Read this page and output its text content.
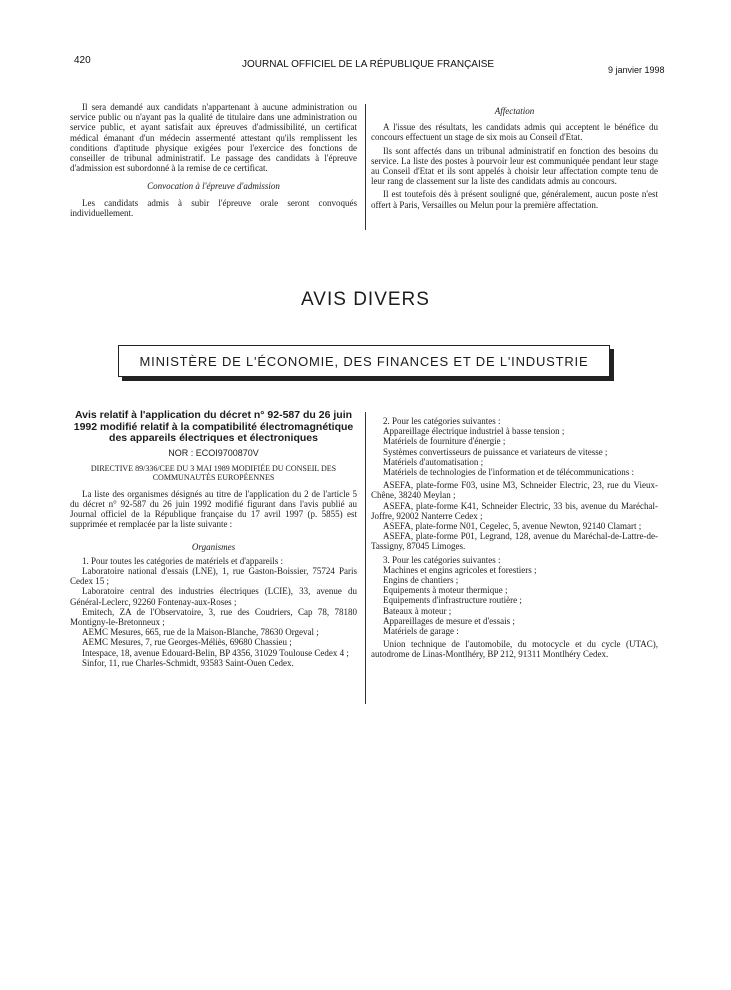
420	JOURNAL OFFICIEL DE LA RÉPUBLIQUE FRANÇAISE	9 janvier 1998

Il sera demandé aux candidats n'appartenant à aucune administration ou service public ou n'ayant pas la qualité de titulaire dans une administration ou service public, et ayant satisfait aux épreuves d'admissibilité, un certificat médical émanant d'un médecin assermenté attestant qu'ils remplissent les conditions d'aptitude physique exigées pour l'exercice des fonctions de conseiller de tribunal administratif. Le passage des candidats à l'épreuve d'admission est subordonné à la remise de ce certificat.

Convocation à l'épreuve d'admission

Les candidats admis à subir l'épreuve orale seront convoqués individuellement.

Affectation

A l'issue des résultats, les candidats admis qui acceptent le bénéfice du concours effectuent un stage de six mois au Conseil d'Etat.

Ils sont affectés dans un tribunal administratif en fonction des besoins du service. La liste des postes à pourvoir leur est communiquée pendant leur stage au Conseil d'Etat et ils sont appelés à choisir leur affectation compte tenu de leur rang de classement sur la liste des candidats admis au concours.

Il est toutefois dès à présent souligné que, généralement, aucun poste n'est offert à Paris, Versailles ou Melun pour la première affectation.

AVIS DIVERS
MINISTÈRE DE L'ÉCONOMIE, DES FINANCES ET DE L'INDUSTRIE

Avis relatif à l'application du décret n° 92-587 du 26 juin 1992 modifié relatif à la compatibilité électromagnétique des appareils électriques et électroniques

NOR : ECOI9700870V

DIRECTIVE 89/336/CEE DU 3 MAI 1989 MODIFIÉE DU CONSEIL DES COMMUNAUTÉS EUROPÉENNES

La liste des organismes désignés au titre de l'application du 2 de l'article 5 du décret n° 92-587 du 26 juin 1992 modifié figurant dans l'avis publié au Journal officiel de la République française du 17 avril 1997 (p. 5855) est supprimée et remplacée par la liste suivante :

Organismes

1. Pour toutes les catégories de matériels et d'appareils :

Laboratoire national d'essais (LNE), 1, rue Gaston-Boissier, 75724 Paris Cedex 15 ;

Laboratoire central des industries électriques (LCIE), 33, avenue du Général-Leclerc, 92260 Fontenay-aux-Roses ;

Emitech, ZA de l'Observatoire, 3, rue des Coudriers, Cap 78, 78180 Montigny-le-Bretonneux ;

AEMC Mesures, 665, rue de la Maison-Blanche, 78630 Orgeval ;

AEMC Mesures, 7, rue Georges-Méliès, 69680 Chassieu ;

Intespace, 18, avenue Edouard-Belin, BP 4356, 31029 Toulouse Cedex 4 ;

Sinfor, 11, rue Charles-Schmidt, 93583 Saint-Ouen Cedex.

2. Pour les catégories suivantes :

Appareillage électrique industriel à basse tension ;

Matériels de fourniture d'énergie ;

Systèmes convertisseurs de puissance et variateurs de vitesse ;

Matériels d'automatisation ;

Matériels de technologies de l'information et de télécommunications :

ASEFA, plate-forme F03, usine M3, Schneider Electric, 23, rue du Vieux-Chêne, 38240 Meylan ;

ASEFA, plate-forme K41, Schneider Electric, 33 bis, avenue du Maréchal-Joffre, 92002 Nanterre Cedex ;

ASEFA, plate-forme N01, Cegelec, 5, avenue Newton, 92140 Clamart ;

ASEFA, plate-forme P01, Legrand, 128, avenue du Maréchal-de-Lattre-de-Tassigny, 87045 Limoges.

3. Pour les catégories suivantes :

Machines et engins agricoles et forestiers ;

Engins de chantiers ;

Equipements à moteur thermique ;

Equipements d'infrastructure routière ;

Bateaux à moteur ;

Appareillages de mesure et d'essais ;

Matériels de garage :

Union technique de l'automobile, du motocycle et du cycle (UTAC), autodrome de Linas-Montlhéry, BP 212, 91311 Montlhéry Cedex.
